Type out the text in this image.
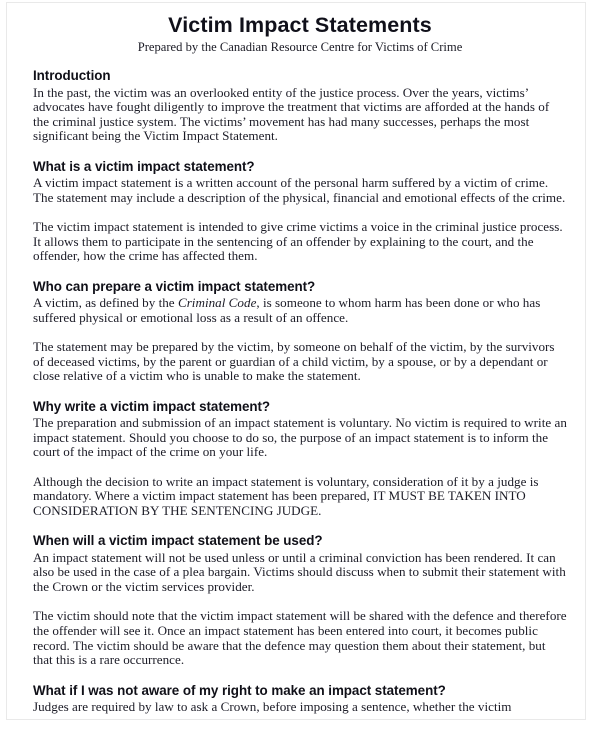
Victim Impact Statements
Prepared by the Canadian Resource Centre for Victims of Crime
Introduction

In the past, the victim was an overlooked entity of the justice process. Over the years, victims’ advocates have fought diligently to improve the treatment that victims are afforded at the hands of the criminal justice system. The victims’ movement has had many successes, perhaps the most significant being the Victim Impact Statement.

What is a victim impact statement?

A victim impact statement is a written account of the personal harm suffered by a victim of crime. The statement may include a description of the physical, financial and emotional effects of the crime.

The victim impact statement is intended to give crime victims a voice in the criminal justice process. It allows them to participate in the sentencing of an offender by explaining to the court, and the offender, how the crime has affected them.

Who can prepare a victim impact statement?

A victim, as defined by the Criminal Code, is someone to whom harm has been done or who has suffered physical or emotional loss as a result of an offence.

The statement may be prepared by the victim, by someone on behalf of the victim, by the survivors of deceased victims, by the parent or guardian of a child victim, by a spouse, or by a dependant or close relative of a victim who is unable to make the statement.

Why write a victim impact statement?

The preparation and submission of an impact statement is voluntary. No victim is required to write an impact statement. Should you choose to do so, the purpose of an impact statement is to inform the court of the impact of the crime on your life.

Although the decision to write an impact statement is voluntary, consideration of it by a judge is mandatory. Where a victim impact statement has been prepared, IT MUST BE TAKEN INTO CONSIDERATION BY THE SENTENCING JUDGE.

When will a victim impact statement be used?

An impact statement will not be used unless or until a criminal conviction has been rendered. It can also be used in the case of a plea bargain. Victims should discuss when to submit their statement with the Crown or the victim services provider.

The victim should note that the victim impact statement will be shared with the defence and therefore the offender will see it. Once an impact statement has been entered into court, it becomes public record. The victim should be aware that the defence may question them about their statement, but that this is a rare occurrence.

What if I was not aware of my right to make an impact statement?

Judges are required by law to ask a Crown, before imposing a sentence, whether the victim
